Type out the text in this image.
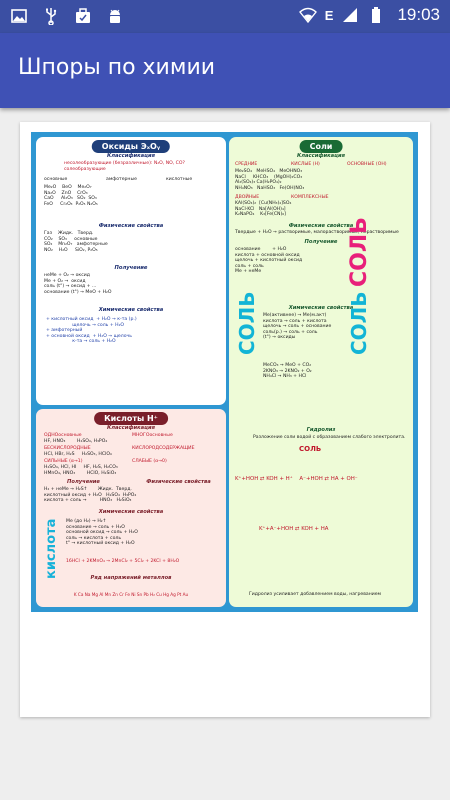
E	19:03
Шпоры по химии
Оксиды ЭₓOᵧ
Классификация
несолеобразующие (безразличные): N₂O, NO, CO?
солеобразующие
основные	амфотерные	кислотные
Me₂O    BeO    Me₂O₇
Na₂O    ZnO    CrO₃
CaO     Al₂O₃   SO₂  SO₃
FeO     Cr₂O₃  P₂O₅ N₂O₅
Физические свойства
Газ    Жидк.   Тверд.
CO₂    SO₃     основные
SO₂    Mn₂O₇   амфотерные
NO₂    H₂O     SiO₂, P₂O₅
Получение
неМе + O₂ → оксид
Me + O₂ →  оксид
соль (t°) → оксид + ...
основание (t°) → MeO + H₂O
Химические свойства
+ кислотный оксид  + H₂O → к-та (р.)
щелочь → соль + H₂O
+ амфотерный
+ основной оксид  + H₂O → щелочь
к-та → соль + H₂O
Соли
Классификация
СРЕДНИЕ	КИСЛЫЕ (Н)	ОСНОВНЫЕ (ОН)
Me₂SO₄   MeHSO₄   MeOHNO₃
NaCl     KHCO₃    (MgOH)₂CO₃
Al₂(SO₄)₃ Ca(H₂PO₄)₂
NH₄NO₃   NaHSO₃   Fe(OH)NO₃
ДВОЙНЫЕ	КОМПЛЕКСНЫЕ
KAl(SO₄)₂  [Cu(NH₃)₄]SO₄
NaCl·KCl   Na[Al(OH)₄]
K₂NaPO₄    K₃[Fe(CN)₆]
Физические свойства
Твердые + H₂O → растворимые, малорастворимые, нерастворимые
Получение
основание        + H₂O
кислота + основной оксид
щелочь + кислотный оксид
соль + соль
Me + неМе	СОЛЬ
Химические свойства
СОЛЬ Me(активнее) → Me(м.акт)
кислота → соль + кислота
щелочь → соль + основание
соль(р.) → соль + соль
(t°) → оксиды	СОЛЬ
MeCO₃ → MeO + CO₂
2KNO₃ → 2KNO₂ + O₂
NH₄Cl → NH₃ + HCl
Гидролиз
Разложение соли водой с образованием слабого электролита.
СОЛЬ
K⁺+HOH ⇄ KOH + H⁺    A⁻+HOH ⇄ HA + OH⁻
K⁺+A⁻+HOH ⇄ KOH + HA
Гидролиз усиливает добавлением воды, нагреванием
Кислоты Н⁺
Классификация
ОДНОосновные	МНОГОосновные
HF, HNO₃        H₂SO₄, H₃PO₄
БЕСКИСЛОРОДНЫЕ	КИСЛОРОДСОДЕРЖАЩИЕ
HCl, HBr, H₂S     H₂SO₃, HClO₄
СИЛЬНЫЕ (α→1)	СЛАБЫЕ (α→0)
H₂SO₄, HCl, HI     HF, H₂S, H₂CO₃
HMnO₄, HNO₃        HClO, H₂SiO₃
Получение	Физические свойства
H₂ + неМе → H₂S↑       Жидк.  Тверд.
кислотный оксид + H₂O   H₂SO₄  H₃PO₄
кислота + соль →         HNO₃   H₂SiO₃
Химические свойства
кислота Me (до H₂) → H₂↑
основание → соль + H₂O
основной оксид → соль + H₂O
соль → кислота + соль
t° → кислотный оксид + H₂O
16HCl + 2KMnO₄ → 2MnCl₂ + 5Cl₂ + 2KCl + 8H₂O
Ряд напряжений металлов
K Ca Na Mg Al Mn Zn Cr Fe Ni Sn Pb H₂ Cu Hg Ag Pt Au
